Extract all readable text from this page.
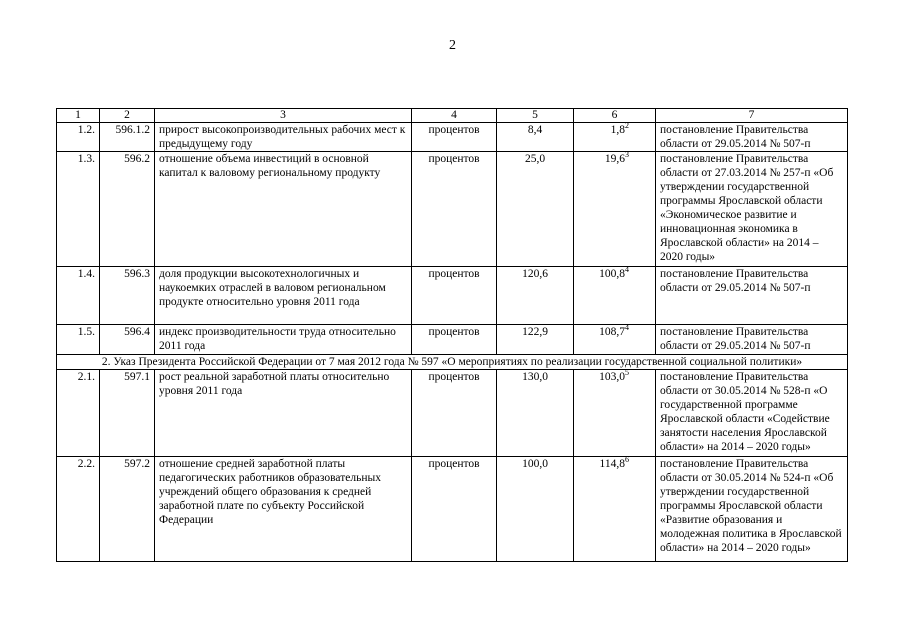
2
1	2	3	4	5	6	7
1.2.	596.1.2	прирост высокопроизводительных рабочих мест к предыдущему году	процентов	8,4	$1,8^2$	постановление Правительства области от 29.05.2014 № 507-п
1.3.	596.2	отношение объема инвестиций в основной капитал к валовому региональному продукту	процентов	25,0	19,6$^3$	постановление Правительства области от 27.03.2014 № 257-п «Об утверждении государственной программы Ярославской области «Экономическое развитие и инновационная экономика в Ярославской области» на 2014 – 2020 годы»
1.4.	596.3	доля продукции высокотехнологичных и наукоемких отраслей в валовом региональном продукте относительно уровня 2011 года	процентов	120,6	100,8$^4$	постановление Правительства области от 29.05.2014 № 507-п
1.5.	596.4	индекс производительности труда относительно 2011 года	процентов	122,9	108,7$^4$	постановление Правительства области от 29.05.2014 № 507-п
2. Указ Президента Российской Федерации от 7 мая 2012 года № 597 «О мероприятиях по реализации государственной социальной политики»						
2.1.	597.1	рост реальной заработной платы относительно уровня 2011 года	процентов	130,0	103,0$^5$	постановление Правительства области от 30.05.2014 № 528-п «О государственной программе Ярославской области «Содействие занятости населения Ярославской области» на 2014 – 2020 годы»
2.2.	597.2	отношение средней заработной платы педагогических работников образовательных учреждений общего образования к средней заработной плате по субъекту Российской Федерации	процентов	100,0	114,8$^6$	постановление Правительства области от 30.05.2014 № 524-п «Об утверждении государственной программы Ярославской области «Развитие образования и молодежная политика в Ярославской области» на 2014 – 2020 годы»
